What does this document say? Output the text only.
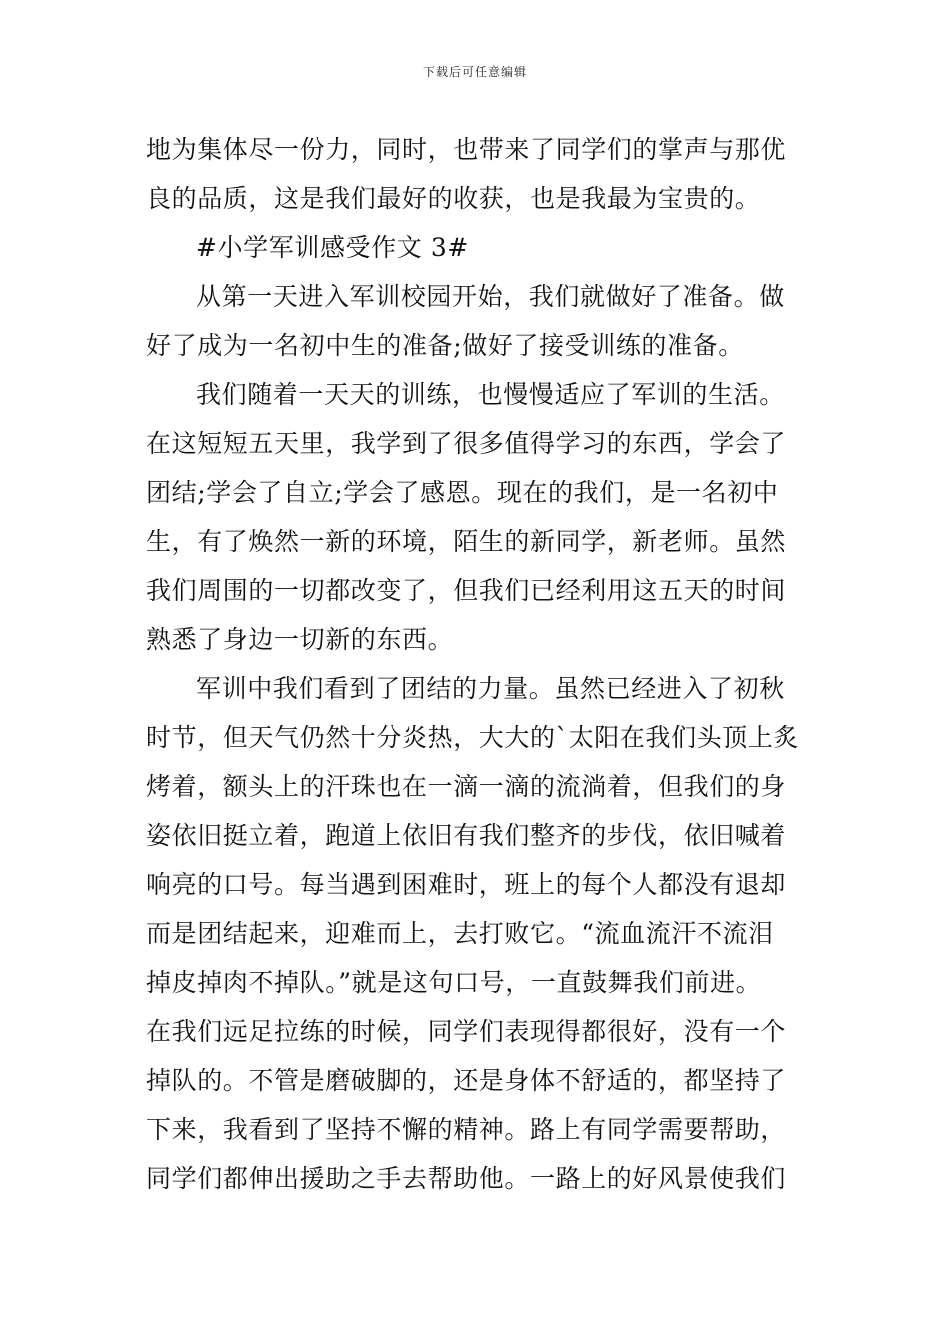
下载后可任意编辑
地为集体尽一份力，同时，也带来了同学们的掌声与那优
良的品质，这是我们最好的收获，也是我最为宝贵的。
#小学军训感受作文 3#
从第一天进入军训校园开始，我们就做好了准备。做
好了成为一名初中生的准备;做好了接受训练的准备。
我们随着一天天的训练，也慢慢适应了军训的生活。
在这短短五天里，我学到了很多值得学习的东西，学会了
团结;学会了自立;学会了感恩。现在的我们，是一名初中
生，有了焕然一新的环境，陌生的新同学，新老师。虽然
我们周围的一切都改变了，但我们已经利用这五天的时间
熟悉了身边一切新的东西。
军训中我们看到了团结的力量。虽然已经进入了初秋
时节，但天气仍然十分炎热，大大的`太阳在我们头顶上炙
烤着，额头上的汗珠也在一滴一滴的流淌着，但我们的身
姿依旧挺立着，跑道上依旧有我们整齐的步伐，依旧喊着
响亮的口号。每当遇到困难时，班上的每个人都没有退却
而是团结起来，迎难而上，去打败它。“流血流汗不流泪
掉皮掉肉不掉队。”就是这句口号，一直鼓舞我们前进。
在我们远足拉练的时候，同学们表现得都很好，没有一个
掉队的。不管是磨破脚的，还是身体不舒适的，都坚持了
下来，我看到了坚持不懈的精神。路上有同学需要帮助，
同学们都伸出援助之手去帮助他。一路上的好风景使我们
